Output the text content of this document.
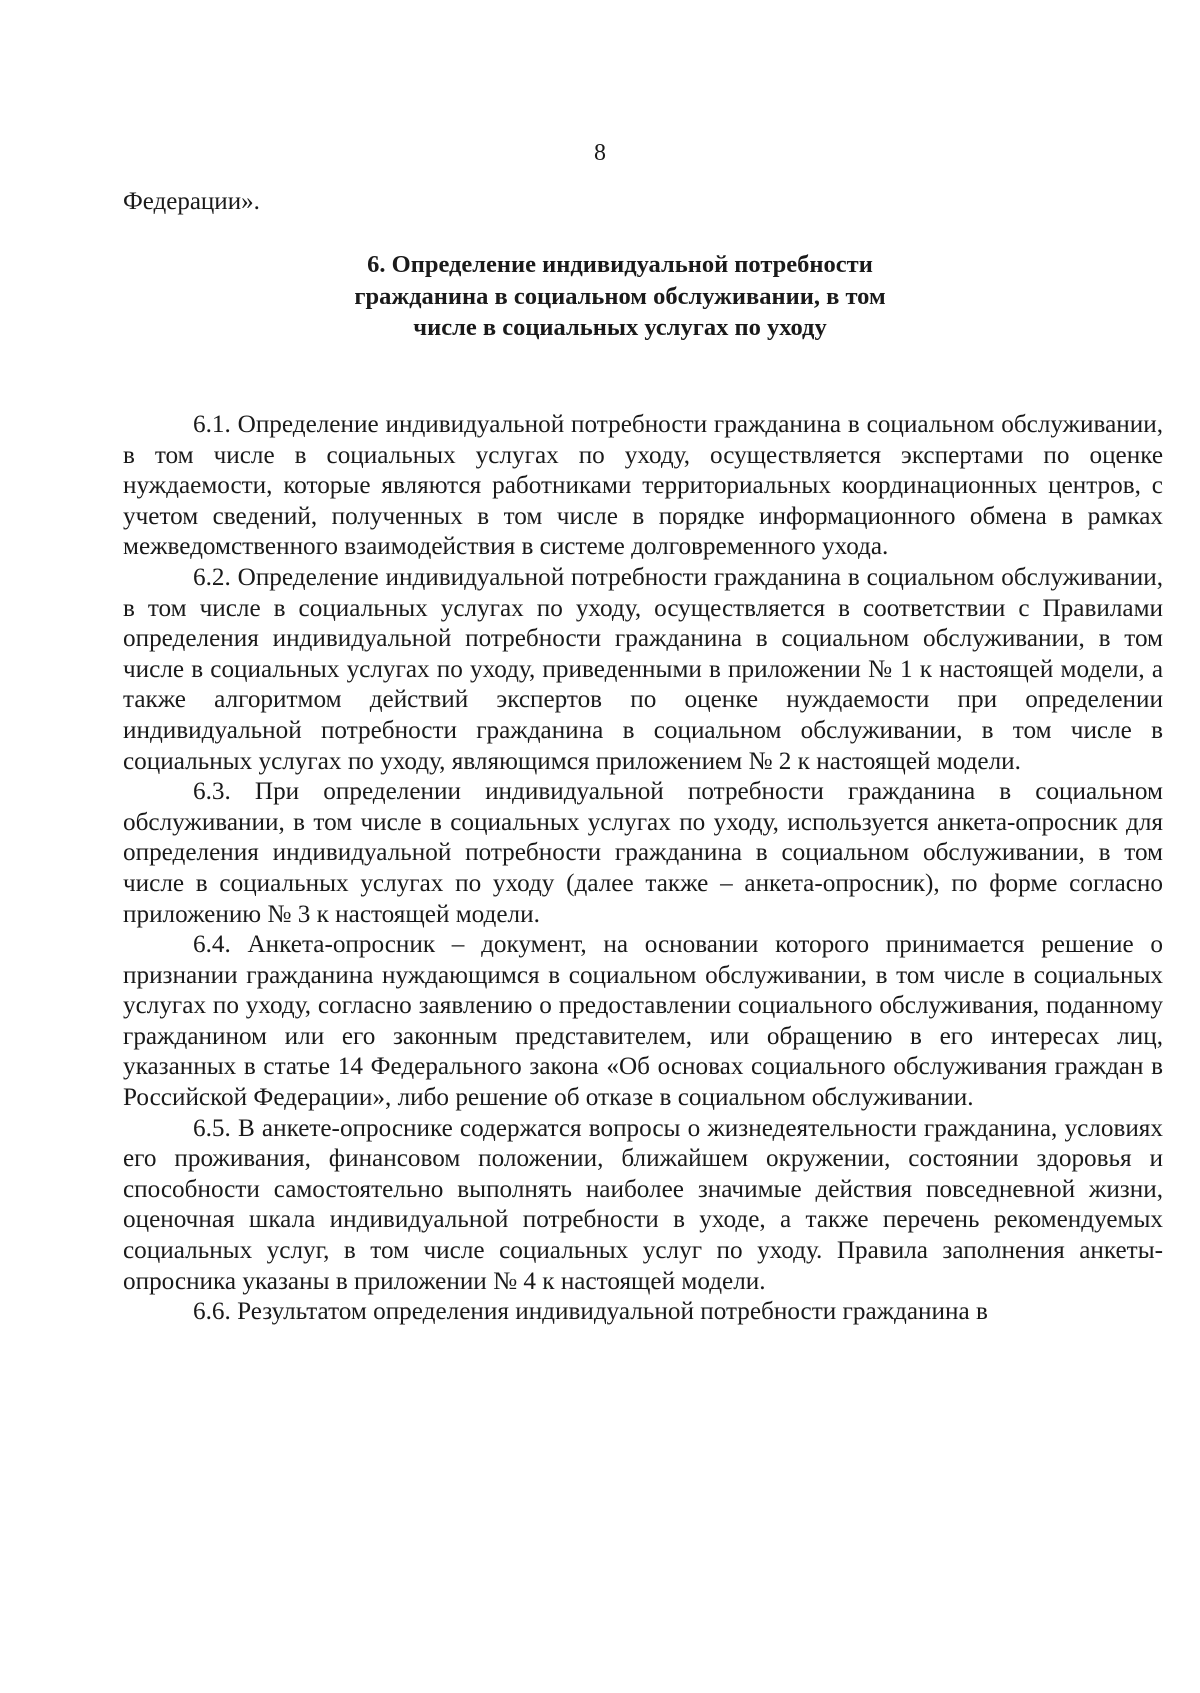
8
Федерации».
6. Определение индивидуальной потребности гражданина в социальном обслуживании, в том числе в социальных услугах по уходу

6.1. Определение индивидуальной потребности гражданина в социальном обслуживании, в том числе в социальных услугах по уходу, осуществляется экспертами по оценке нуждаемости, которые являются работниками территориальных координационных центров, с учетом сведений, полученных в том числе в порядке информационного обмена в рамках межведомственного взаимодействия в системе долговременного ухода.

6.2. Определение индивидуальной потребности гражданина в социальном обслуживании, в том числе в социальных услугах по уходу, осуществляется в соответствии с Правилами определения индивидуальной потребности гражданина в социальном обслуживании, в том числе в социальных услугах по уходу, приведенными в приложении № 1 к настоящей модели, а также алгоритмом действий экспертов по оценке нуждаемости при определении индивидуальной потребности гражданина в социальном обслуживании, в том числе в социальных услугах по уходу, являющимся приложением № 2 к настоящей модели.

6.3. При определении индивидуальной потребности гражданина в социальном обслуживании, в том числе в социальных услугах по уходу, используется анкета-опросник для определения индивидуальной потребности гражданина в социальном обслуживании, в том числе в социальных услугах по уходу (далее также – анкета-опросник), по форме согласно приложению № 3 к настоящей модели.

6.4. Анкета-опросник – документ, на основании которого принимается решение о признании гражданина нуждающимся в социальном обслуживании, в том числе в социальных услугах по уходу, согласно заявлению о предоставлении социального обслуживания, поданному гражданином или его законным представителем, или обращению в его интересах лиц, указанных в статье 14 Федерального закона «Об основах социального обслуживания граждан в Российской Федерации», либо решение об отказе в социальном обслуживании.

6.5. В анкете-опроснике содержатся вопросы о жизнедеятельности гражданина, условиях его проживания, финансовом положении, ближайшем окружении, состоянии здоровья и способности самостоятельно выполнять наиболее значимые действия повседневной жизни, оценочная шкала индивидуальной потребности в уходе, а также перечень рекомендуемых социальных услуг, в том числе социальных услуг по уходу. Правила заполнения анкеты-опросника указаны в приложении № 4 к настоящей модели.

6.6. Результатом определения индивидуальной потребности гражданина в
